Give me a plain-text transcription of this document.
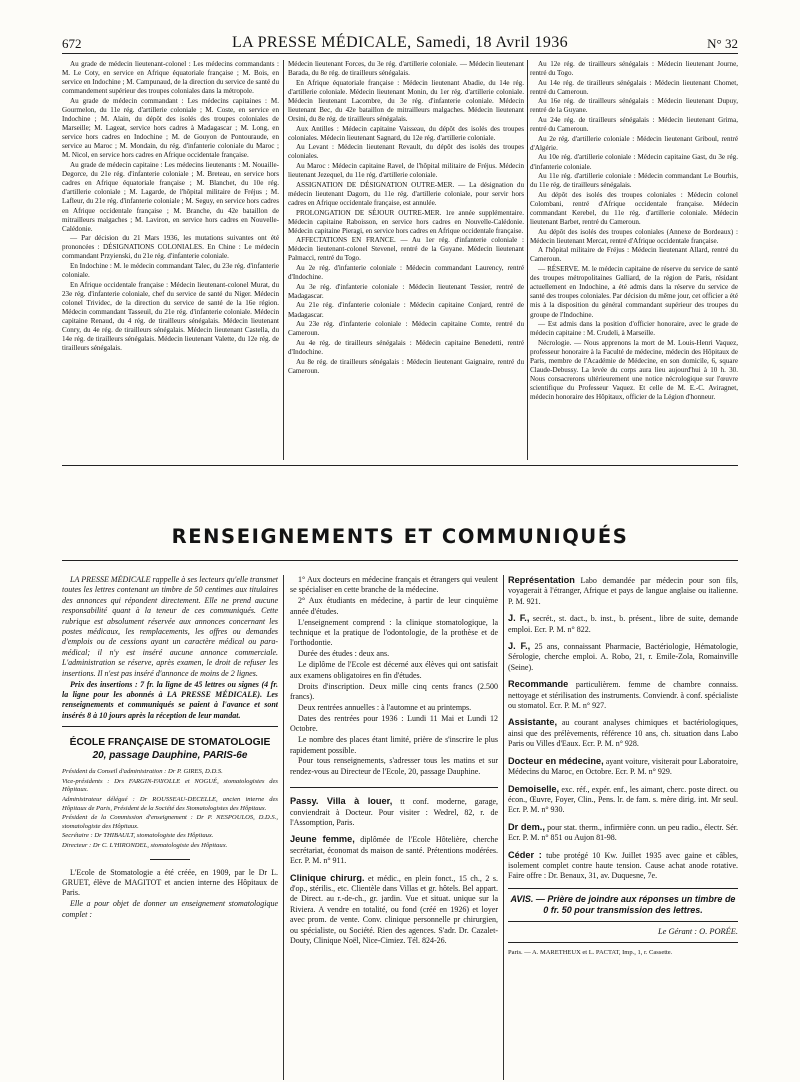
672	LA PRESSE MÉDICALE, Samedi, 18 Avril 1936	N° 32

Au grade de médecin lieutenant-colonel : Les médecins commandants : M. Le Coty, en service en Afrique équatoriale française ; M. Bois, en service en Indochine ; M. Campunaud, de la direction du service de santé du commandement supérieur des troupes coloniales dans la métropole.

Au grade de médecin commandant : Les médecins capitaines : M. Gourmelon, du 11e rég. d'artillerie coloniale ; M. Coste, en service en Indochine ; M. Alain, du dépôt des isolés des troupes coloniales de Marseille; M. Lageat, service hors cadres à Madagascar ; M. Long, en service hors cadres en Indochine ; M. de Gouyon de Pontouraude, en service au Maroc ; M. Mondain, du rég. d'infanterie coloniale du Maroc ; M. Nicol, en service hors cadres en Afrique occidentale française.

Au grade de médecin capitaine : Les médecins lieutenants : M. Nouaille-Degorce, du 21e rég. d'infanterie coloniale ; M. Breteau, en service hors cadres en Afrique équatoriale française ; M. Blanchet, du 10e rég. d'artillerie coloniale ; M. Lagarde, de l'hôpital militaire de Fréjus ; M. Lafleur, du 21e rég. d'infanterie coloniale ; M. Seguy, en service hors cadres en Afrique occidentale française ; M. Branche, du 42e bataillon de mitrailleurs malgaches ; M. Laviron, en service hors cadres en Nouvelle-Calédonie.

— Par décision du 21 Mars 1936, les mutations suivantes ont été prononcées : DÉSIGNATIONS COLONIALES. En Chine : Le médecin commandant Przyienski, du 21e rég. d'infanterie coloniale.

En Indochine : M. le médecin commandant Talec, du 23e rég. d'infanterie coloniale.

En Afrique occidentale française : Médecin lieutenant-colonel Murat, du 23e rég. d'infanterie coloniale, chef du service de santé du Niger. Médecin colonel Trividec, de la direction du service de santé de la 16e région. Médecin commandant Tasseuil, du 21e rég. d'infanterie coloniale. Médecin capitaine Renaud, du 4 rég. de tirailleurs sénégalais. Médecin lieutenant Conry, du 4e rég. de tirailleurs sénégalais. Médecin lieutenant Castella, du 14e rég. de tirailleurs sénégalais. Médecin lieutenant Valette, du 12e rég. de tirailleurs sénégalais.

Médecin lieutenant Forces, du 3e rég. d'artillerie coloniale. — Médecin lieutenant Barada, du 8e rég. de tirailleurs sénégalais.

En Afrique équatoriale française : Médecin lieutenant Abadie, du 14e rég. d'artillerie coloniale. Médecin lieutenant Monin, du 1er rég. d'artillerie coloniale. Médecin lieutenant Lacombre, du 3e rég. d'infanterie coloniale. Médecin lieutenant Bec, du 42e bataillon de mitrailleurs malgaches. Médecin lieutenant Orsini, du 8e rég. de tirailleurs sénégalais.

Aux Antilles : Médecin capitaine Vaisseau, du dépôt des isolés des troupes coloniales. Médecin lieutenant Sagnard, du 12e rég. d'artillerie coloniale.

Au Levant : Médecin lieutenant Revault, du dépôt des isolés des troupes coloniales.

Au Maroc : Médecin capitaine Ravel, de l'hôpital militaire de Fréjus. Médecin lieutenant Jezequel, du 11e rég. d'artillerie coloniale.

ASSIGNATION DE DÉSIGNATION OUTRE-MER. — La désignation du médecin lieutenant Dagorn, du 11e rég. d'artillerie coloniale, pour servir hors cadres en Afrique occidentale française, est annulée.

PROLONGATION DE SÉJOUR OUTRE-MER. 1re année supplémentaire. Médecin capitaine Raboisson, en service hors cadres en Nouvelle-Calédonie. Médecin capitaine Pieragi, en service hors cadres en Afrique occidentale française.

AFFECTATIONS EN FRANCE. — Au 1er rég. d'infanterie coloniale : Médecin lieutenant-colonel Stevenel, rentré de la Guyane. Médecin lieutenant Palmacci, rentré du Togo.

Au 2e rég. d'infanterie coloniale : Médecin commandant Laurency, rentré d'Indochine.

Au 3e rég. d'infanterie coloniale : Médecin lieutenant Tessier, rentré de Madagascar.

Au 21e rég. d'infanterie coloniale : Médecin capitaine Conjard, rentré de Madagascar.

Au 23e rég. d'infanterie coloniale : Médecin capitaine Comte, rentré du Cameroun.

Au 4e rég. de tirailleurs sénégalais : Médecin capitaine Benedetti, rentré d'Indochine.

Au 8e rég. de tirailleurs sénégalais : Médecin lieutenant Gaignaire, rentré du Cameroun.

Au 12e rég. de tirailleurs sénégalais : Médecin lieutenant Journe, rentré du Togo.

Au 14e rég. de tirailleurs sénégalais : Médecin lieutenant Chomet, rentré du Cameroun.

Au 16e rég. de tirailleurs sénégalais : Médecin lieutenant Dupuy, rentré de la Guyane.

Au 24e rég. de tirailleurs sénégalais : Médecin lieutenant Grima, rentré du Cameroun.

Au 2e rég. d'artillerie coloniale : Médecin lieutenant Griboul, rentré d'Algérie.

Au 10e rég. d'artillerie coloniale : Médecin capitaine Gast, du 3e rég. d'infanterie coloniale.

Au 11e rég. d'artillerie coloniale : Médecin commandant Le Bourhis, du 11e rég. de tirailleurs sénégalais.

Au dépôt des isolés des troupes coloniales : Médecin colonel Colombani, rentré d'Afrique occidentale française. Médecin commandant Kerebel, du 11e rég. d'artillerie coloniale. Médecin lieutenant Barbet, rentré du Cameroun.

Au dépôt des isolés des troupes coloniales (Annexe de Bordeaux) : Médecin lieutenant Mercat, rentré d'Afrique occidentale française.

A l'hôpital militaire de Fréjus : Médecin lieutenant Allard, rentré du Cameroun.

— RÉSERVE. M. le médecin capitaine de réserve du service de santé des troupes métropolitaines Galliard, de la région de Paris, résidant actuellement en Indochine, a été admis dans la réserve du service de santé des troupes coloniales. Par décision du même jour, cet officier a été mis à la disposition du général commandant supérieur des troupes du groupe de l'Indochine.

— Est admis dans la position d'officier honoraire, avec le grade de médecin capitaine : M. Crudeli, à Marseille.

Nécrologie. — Nous apprenons la mort de M. Louis-Henri Vaquez, professeur honoraire à la Faculté de médecine, médecin des Hôpitaux de Paris, membre de l'Académie de Médecine, en son domicile, 6, square Claude-Debussy. La levée du corps aura lieu aujourd'hui à 10 h. 30. Nous consacrerons ultérieurement une notice nécrologique sur l'œuvre scientifique du Professeur Vaquez. Et celle de M. E.-C. Aviragnet, médecin honoraire des Hôpitaux, officier de la Légion d'honneur.

RENSEIGNEMENTS ET COMMUNIQUÉS

LA PRESSE MÉDICALE rappelle à ses lecteurs qu'elle transmet toutes les lettres contenant un timbre de 50 centimes aux titulaires des annonces qui répondent directement. Elle ne prend aucune responsabilité quant à la teneur de ces communiqués. Cette rubrique est absolument réservée aux annonces concernant les postes médicaux, les remplacements, les offres ou demandes d'emplois ou de cessions ayant un caractère médical ou para-médical; il n'y est inséré aucune annonce commerciale. L'administration se réserve, après examen, le droit de refuser les insertions. Il n'est pas inséré d'annonce de moins de 2 lignes.

Prix des insertions : 7 fr. la ligne de 45 lettres ou signes (4 fr. la ligne pour les abonnés à LA PRESSE MÉDICALE). Les renseignements et communiqués se paient à l'avance et sont insérés 8 à 10 jours après la réception de leur mandat.

ÉCOLE FRANÇAISE DE STOMATOLOGIE
20, passage Dauphine, PARIS-6e

Président du Conseil d'administration : Dr P. GIRES, D.D.S.

Vice-présidents : Drs FARGIN-FAYOLLE et NOGUÉ, stomatologistes des Hôpitaux.

Administrateur délégué : Dr ROUSSEAU-DECELLE, ancien interne des Hôpitaux de Paris, Président de la Société des Stomatologistes des Hôpitaux.

Président de la Commission d'enseignement : Dr P. NESPOULOS, D.D.S., stomatologiste des Hôpitaux.

Secrétaire : Dr THIBAULT, stomatologiste des Hôpitaux.

Directeur : Dr C. L'HIRONDEL, stomatologiste des Hôpitaux.

L'Ecole de Stomatologie a été créée, en 1909, par le Dr L. GRUET, élève de MAGITOT et ancien interne des Hôpitaux de Paris.

Elle a pour objet de donner un enseignement stomatologique complet :

1° Aux docteurs en médecine français et étrangers qui veulent se spécialiser en cette branche de la médecine.

2° Aux étudiants en médecine, à partir de leur cinquième année d'études.

L'enseignement comprend : la clinique stomatologique, la technique et la pratique de l'odontologie, de la prothèse et de l'orthodontie.

Durée des études : deux ans.

Le diplôme de l'Ecole est décerné aux élèves qui ont satisfait aux examens obligatoires en fin d'études.

Droits d'inscription. Deux mille cinq cents francs (2.500 francs).

Deux rentrées annuelles : à l'automne et au printemps.

Dates des rentrées pour 1936 : Lundi 11 Mai et Lundi 12 Octobre.

Le nombre des places étant limité, prière de s'inscrire le plus rapidement possible.

Pour tous renseignements, s'adresser tous les matins et sur rendez-vous au Directeur de l'Ecole, 20, passage Dauphine.

Passy. Villa à louer, tt conf. moderne, garage, conviendrait à Docteur. Pour visiter : Wedrel, 82, r. de l'Assomption, Paris.
Jeune femme, diplômée de l'Ecole Hôtelière, cherche secrétariat, économat ds maison de santé. Prétentions modérées. Ecr. P. M. n° 911.
Clinique chirurg. et médic., en plein fonct., 15 ch., 2 s. d'op., stérilis., etc. Clientèle dans Villas et gr. hôtels. Bel appart. de Direct. au r.-de-ch., gr. jardin. Vue et situat. unique sur la Riviera. A vendre en totalité, ou fond (créé en 1926) et loyer avec prom. de vente. Conv. clinique personnelle pr chirurgien, ou spécialiste, ou Société. Rien des agences. S'adr. Dr. Cazalet-Douty, Clinique Noël, Nice-Cimiez. Tél. 824-26.
Représentation Labo demandée par médecin pour son fils, voyagerait à l'étranger, Afrique et pays de langue anglaise ou italienne. P. M. 921.
J. F., secrét., st. dact., b. inst., b. présent., libre de suite, demande emploi. Ecr. P. M. n° 822.
J. F., 25 ans, connaissant Pharmacie, Bactériologie, Hématologie, Sérologie, cherche emploi. A. Robo, 21, r. Emile-Zola, Romainville (Seine).
Recommande particulièrem. femme de chambre connaiss. nettoyage et stérilisation des instruments. Conviendr. à conf. spécialiste ou stomatol. Ecr. P. M. n° 927.
Assistante, au courant analyses chimiques et bactériologiques, ainsi que des prélèvements, référence 10 ans, ch. situation dans Labo Paris ou Villes d'Eaux. Ecr. P. M. n° 928.
Docteur en médecine, ayant voiture, visiterait pour Laboratoire, Médecins du Maroc, en Octobre. Ecr. P. M. n° 929.
Demoiselle, exc. réf., expér. enf., les aimant, cherc. poste direct. ou écon., Œuvre, Foyer, Clin., Pens. lr. de fam. s. mère dirig. int. Mr seul. Ecr. P. M. n° 930.
Dr dem., pour stat. therm., infirmière conn. un peu radio., électr. Sér. Ecr. P. M. n° 851 ou Aujon 81-98.
Céder : tube protégé 10 Kw. Juillet 1935 avec gaine et câbles, isolement complet contre haute tension. Cause achat anode rotative. Faire offre : Dr. Benaux, 31, av. Duquesne, 7e.
AVIS. — Prière de joindre aux réponses un timbre de 0 fr. 50 pour transmission des lettres.
Le Gérant : O. PORÉE.
Paris. — A. MARETHEUX et L. PACTAT, Imp., 1, r. Cassette.
